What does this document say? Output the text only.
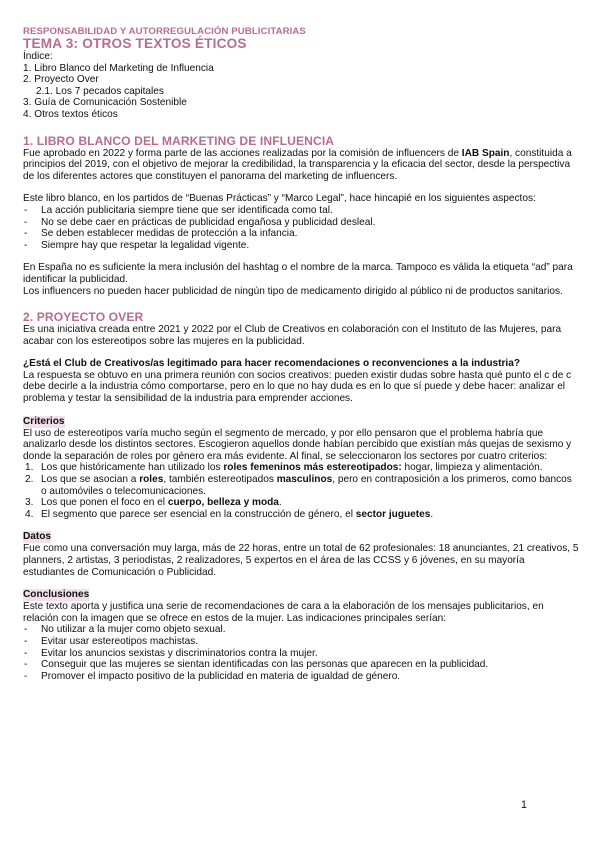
RESPONSABILIDAD Y AUTORREGULACIÓN PUBLICITARIAS
TEMA 3: OTROS TEXTOS ÉTICOS

Índice:

1. Libro Blanco del Marketing de Influencia

2. Proyecto Over

2.1. Los 7 pecados capitales

3. Guía de Comunicación Sostenible

4. Otros textos éticos

1. LIBRO BLANCO DEL MARKETING DE INFLUENCIA

Fue aprobado en 2022 y forma parte de las acciones realizadas por la comisión de influencers de IAB Spain, constituida a principios del 2019, con el objetivo de mejorar la credibilidad, la transparencia y la eficacia del sector, desde la perspectiva de los diferentes actores que constituyen el panorama del marketing de influencers.

Este libro blanco, en los partidos de “Buenas Prácticas” y “Marco Legal”, hace hincapié en los siguientes aspectos:

- La acción publicitaria siempre tiene que ser identificada como tal.
- No se debe caer en prácticas de publicidad engañosa y publicidad desleal.
- Se deben establecer medidas de protección a la infancia.
- Siempre hay que respetar la legalidad vigente.

En España no es suficiente la mera inclusión del hashtag o el nombre de la marca. Tampoco es válida la etiqueta “ad” para identificar la publicidad.

Los influencers no pueden hacer publicidad de ningún tipo de medicamento dirigido al público ni de productos sanitarios.

2. PROYECTO OVER

Es una iniciativa creada entre 2021 y 2022 por el Club de Creativos en colaboración con el Instituto de las Mujeres, para acabar con los estereotipos sobre las mujeres en la publicidad.

¿Está el Club de Creativos/as legitimado para hacer recomendaciones o reconvenciones a la industria?

La respuesta se obtuvo en una primera reunión con socios creativos: pueden existir dudas sobre hasta qué punto el c de c debe decirle a la industria cómo comportarse, pero en lo que no hay duda es en lo que sí puede y debe hacer: analizar el problema y testar la sensibilidad de la industria para emprender acciones.

Criterios

El uso de estereotipos varía mucho según el segmento de mercado, y por ello pensaron que el problema habría que analizarlo desde los distintos sectores. Escogieron aquellos donde habían percibido que existían más quejas de sexismo y donde la separación de roles por género era más evidente. Al final, se seleccionaron los sectores por cuatro criterios:

1. Los que históricamente han utilizado los roles femeninos más estereotipados: hogar, limpieza y alimentación.
2. Los que se asocian a roles, también estereotipados masculinos, pero en contraposición a los primeros, como bancos o automóviles o telecomunicaciones.
3. Los que ponen el foco en el cuerpo, belleza y moda.
4. El segmento que parece ser esencial en la construcción de género, el sector juguetes.
Datos

Fue como una conversación muy larga, más de 22 horas, entre un total de 62 profesionales: 18 anunciantes, 21 creativos, 5 planners, 2 artistas, 3 periodistas, 2 realizadores, 5 expertos en el área de las CCSS y 6 jóvenes, en su mayoría estudiantes de Comunicación o Publicidad.

Conclusiones

Este texto aporta y justifica una serie de recomendaciones de cara a la elaboración de los mensajes publicitarios, en relación con la imagen que se ofrece en estos de la mujer. Las indicaciones principales serían:

- No utilizar a la mujer como objeto sexual.
- Evitar usar estereotipos machistas.
- Evitar los anuncios sexistas y discriminatorios contra la mujer.
- Conseguir que las mujeres se sientan identificadas con las personas que aparecen en la publicidad.
- Promover el impacto positivo de la publicidad en materia de igualdad de género.
1
